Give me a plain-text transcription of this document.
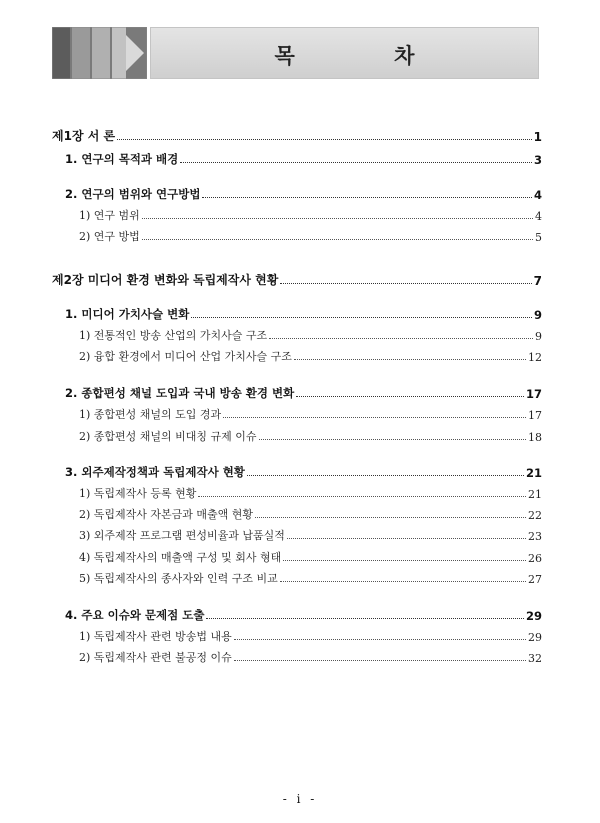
목 차
제1장 서 론	1
1. 연구의 목적과 배경	3
2. 연구의 범위와 연구방법	4
1) 연구 범위	4
2) 연구 방법	5
제2장 미디어 환경 변화와 독립제작사 현황	7
1. 미디어 가치사슬 변화	9
1) 전통적인 방송 산업의 가치사슬 구조	9
2) 융합 환경에서 미디어 산업 가치사슬 구조	12
2. 종합편성 채널 도입과 국내 방송 환경 변화	17
1) 종합편성 채널의 도입 경과	17
2) 종합편성 채널의 비대칭 규제 이슈	18
3. 외주제작정책과 독립제작사 현황	21
1) 독립제작사 등록 현황	21
2) 독립제작사 자본금과 매출액 현황	22
3) 외주제작 프로그램 편성비율과 납품실적	23
4) 독립제작사의 매출액 구성 및 회사 형태	26
5) 독립제작사의 종사자와 인력 구조 비교	27
4. 주요 이슈와 문제점 도출	29
1) 독립제작사 관련 방송법 내용	29
2) 독립제작사 관련 불공정 이슈	32
- i -
